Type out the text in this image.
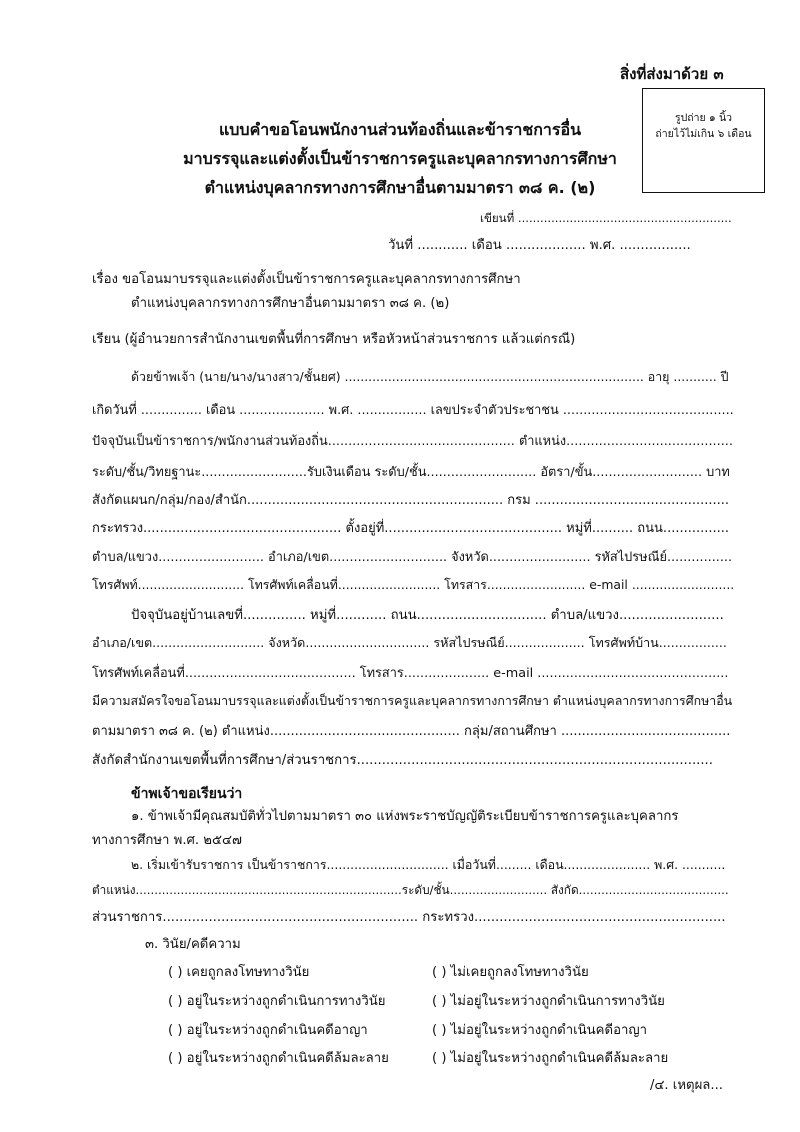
สิ่งที่ส่งมาด้วย ๓
รูปถ่าย ๑ นิ้ว
ถ่ายไว้ไม่เกิน ๖ เดือน
แบบคำขอโอนพนักงานส่วนท้องถิ่นและข้าราชการอื่น
มาบรรจุและแต่งตั้งเป็นข้าราชการครูและบุคลากรทางการศึกษา
ตำแหน่งบุคลากรทางการศึกษาอื่นตามมาตรา ๓๘ ค. (๒)
เขียนที่ ..........................................................
วันที่ ............ เดือน ................... พ.ศ. .................
เรื่อง ขอโอนมาบรรจุและแต่งตั้งเป็นข้าราชการครูและบุคลากรทางการศึกษา
ตำแหน่งบุคลากรทางการศึกษาอื่นตามมาตรา ๓๘ ค. (๒)
เรียน (ผู้อำนวยการสำนักงานเขตพื้นที่การศึกษา หรือหัวหน้าส่วนราชการ แล้วแต่กรณี)
ด้วยข้าพเจ้า (นาย/นาง/นางสาว/ชั้นยศ) ............................................................................ อายุ ........... ปี
เกิดวันที่ ............... เดือน ..................... พ.ศ. ................. เลขประจำตัวประชาชน ..........................................
ปัจจุบันเป็นข้าราชการ/พนักงานส่วนท้องถิ่น.............................................. ตำแหน่ง.........................................
ระดับ/ชั้น/วิทยฐานะ..........................รับเงินเดือน ระดับ/ชั้น........................... อัตรา/ขั้น........................... บาท
สังกัดแผนก/กลุ่ม/กอง/สำนัก.............................................................. กรม ...............................................
กระทรวง................................................ ตั้งอยู่ที่........................................... หมู่ที่.......... ถนน................
ตำบล/แขวง.......................... อำเภอ/เขต............................. จังหวัด......................... รหัสไปรษณีย์................
โทรศัพท์........................... โทรศัพท์เคลื่อนที่.......................... โทรสาร......................... e-mail ..........................
ปัจจุบันอยู่บ้านเลขที่............... หมู่ที่............ ถนน............................... ตำบล/แขวง.........................
อำเภอ/เขต............................ จังหวัด............................... รหัสไปรษณีย์.................... โทรศัพท์บ้าน.................
โทรศัพท์เคลื่อนที่.......................................... โทรสาร..................... e-mail ...............................................
มีความสมัครใจขอโอนมาบรรจุและแต่งตั้งเป็นข้าราชการครูและบุคลากรทางการศึกษา ตำแหน่งบุคลากรทางการศึกษาอื่น
ตามมาตรา ๓๘ ค. (๒) ตำแหน่ง.............................................. กลุ่ม/สถานศึกษา .........................................
สังกัดสำนักงานเขตพื้นที่การศึกษา/ส่วนราชการ.....................................................................................
ข้าพเจ้าขอเรียนว่า
๑. ข้าพเจ้ามีคุณสมบัติทั่วไปตามมาตรา ๓๐ แห่งพระราชบัญญัติระเบียบข้าราชการครูและบุคลากร
ทางการศึกษา พ.ศ. ๒๕๔๗
๒. เริ่มเข้ารับราชการ เป็นข้าราชการ............................... เมื่อวันที่......... เดือน...................... พ.ศ. ...........
ตำแหน่ง.......................................................................ระดับ/ชั้น.......................... สังกัด........................................
ส่วนราชการ............................................................. กระทรวง............................................................
๓. วินัย/คดีความ
( ) เคยถูกลงโทษทางวินัย	( ) ไม่เคยถูกลงโทษทางวินัย
( ) อยู่ในระหว่างถูกดำเนินการทางวินัย	( ) ไม่อยู่ในระหว่างถูกดำเนินการทางวินัย
( ) อยู่ในระหว่างถูกดำเนินคดีอาญา	( ) ไม่อยู่ในระหว่างถูกดำเนินคดีอาญา
( ) อยู่ในระหว่างถูกดำเนินคดีล้มละลาย	( ) ไม่อยู่ในระหว่างถูกดำเนินคดีล้มละลาย
/๔. เหตุผล...
